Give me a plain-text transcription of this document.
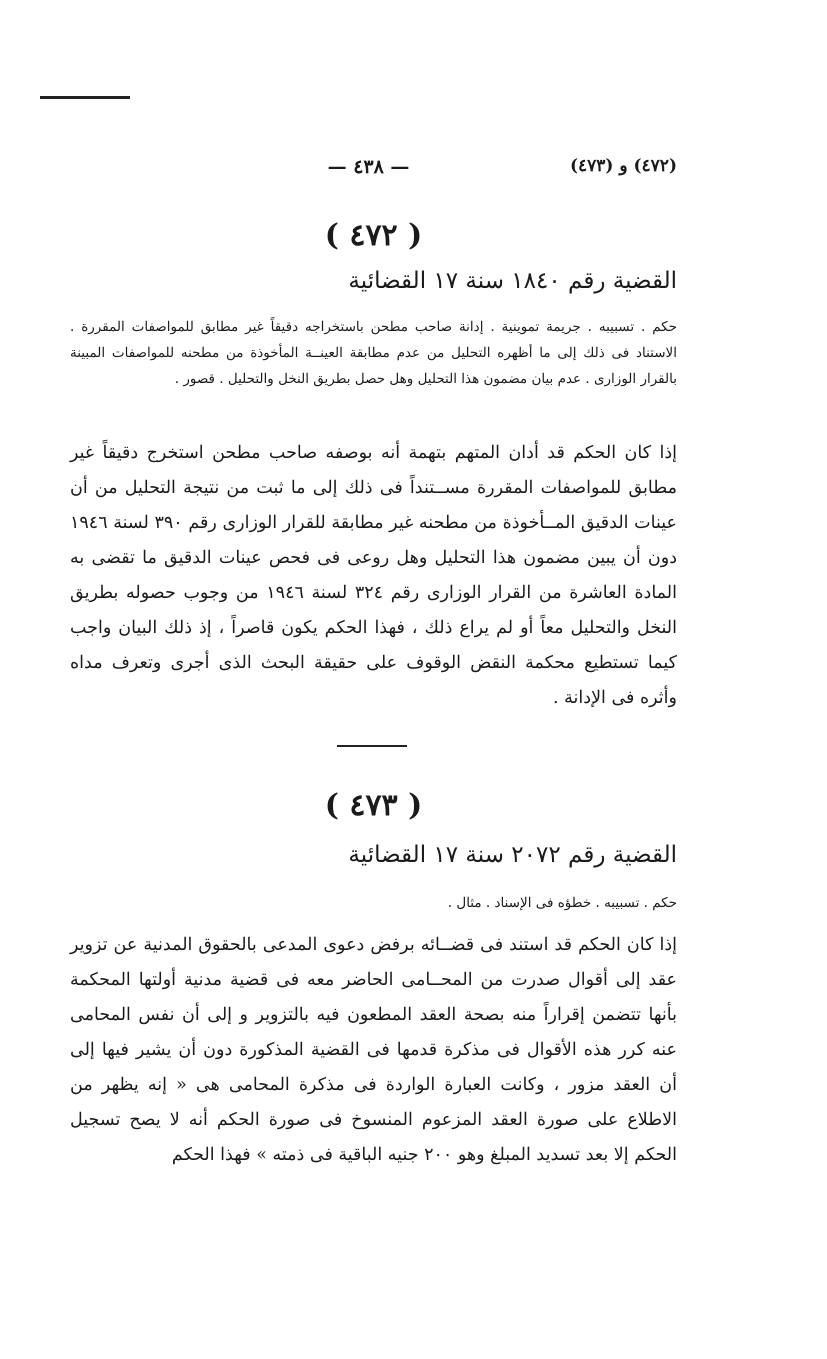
(٤٧٢) و (٤٧٣)
— ٤٣٨ —
( ٤٧٢ )
القضية رقم ١٨٤٠ سنة ١٧ القضائية
حكم . تسبيبه . جريمة تموينية . إدانة صاحب مطحن باستخراجه دقيقاً غير مطابق للمواصفات المقررة . الاستناد فى ذلك إلى ما أظهره التحليل من عدم مطابقة العينــة المأخوذة من مطحنه للمواصفات المبينة بالقرار الوزارى . عدم بيان مضمون هذا التحليل وهل حصل بطريق النخل والتحليل . قصور .
إذا كان الحكم قد أدان المتهم بتهمة أنه بوصفه صاحب مطحن استخرج دقيقاً غير مطابق للمواصفات المقررة مســتنداً فى ذلك إلى ما ثبت من نتيجة التحليل من أن عينات الدقيق المــأخوذة من مطحنه غير مطابقة للقرار الوزارى رقم ٣٩٠ لسنة ١٩٤٦ دون أن يبين مضمون هذا التحليل وهل روعى فى فحص عينات الدقيق ما تقضى به المادة العاشرة من القرار الوزارى رقم ٣٢٤ لسنة ١٩٤٦ من وجوب حصوله بطريق النخل والتحليل معاً أو لم يراع ذلك ، فهذا الحكم يكون قاصراً ، إذ ذلك البيان واجب كيما تستطيع محكمة النقض الوقوف على حقيقة البحث الذى أجرى وتعرف مداه وأثره فى الإدانة .
( ٤٧٣ )
القضية رقم ٢٠٧٢ سنة ١٧ القضائية
حكم . تسبيبه . خطؤه فى الإسناد . مثال .
إذا كان الحكم قد استند فى قضــائه برفض دعوى المدعى بالحقوق المدنية عن تزوير عقد إلى أقوال صدرت من المحــامى الحاضر معه فى قضية مدنية أولتها المحكمة بأنها تتضمن إقراراً منه بصحة العقد المطعون فيه بالتزوير و إلى أن نفس المحامى عنه كرر هذه الأقوال فى مذكرة قدمها فى القضية المذكورة دون أن يشير فيها إلى أن العقد مزور ، وكانت العبارة الواردة فى مذكرة المحامى هى « إنه يظهر من الاطلاع على صورة العقد المزعوم المنسوخ فى صورة الحكم أنه لا يصح تسجيل الحكم إلا بعد تسديد المبلغ وهو ٢٠٠ جنيه الباقية فى ذمته » فهذا الحكم
